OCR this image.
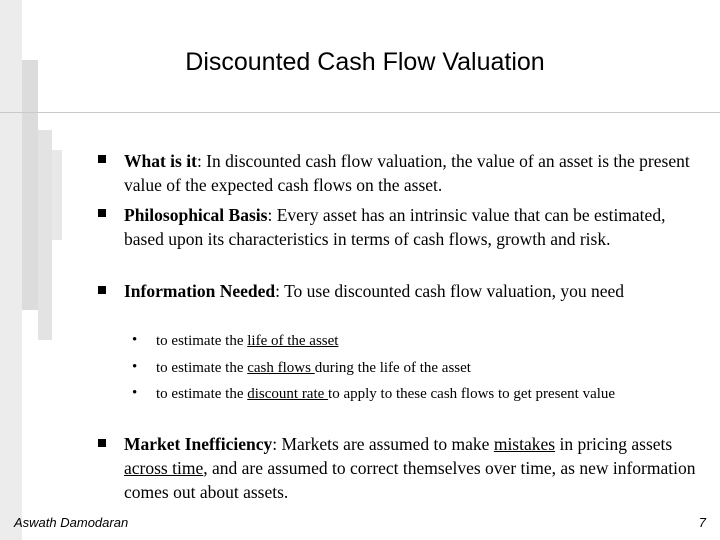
Discounted Cash Flow Valuation
What is it: In discounted cash flow valuation, the value of an asset is the present value of the expected cash flows on the asset.
Philosophical Basis: Every asset has an intrinsic value that can be estimated, based upon its characteristics in terms of cash flows, growth and risk.
Information Needed: To use discounted cash flow valuation, you need
• to estimate the life of the asset
• to estimate the cash flows during the life of the asset
• to estimate the discount rate to apply to these cash flows to get present value
Market Inefficiency: Markets are assumed to make mistakes in pricing assets across time, and are assumed to correct themselves over time, as new information comes out about assets.
Aswath Damodaran	7
